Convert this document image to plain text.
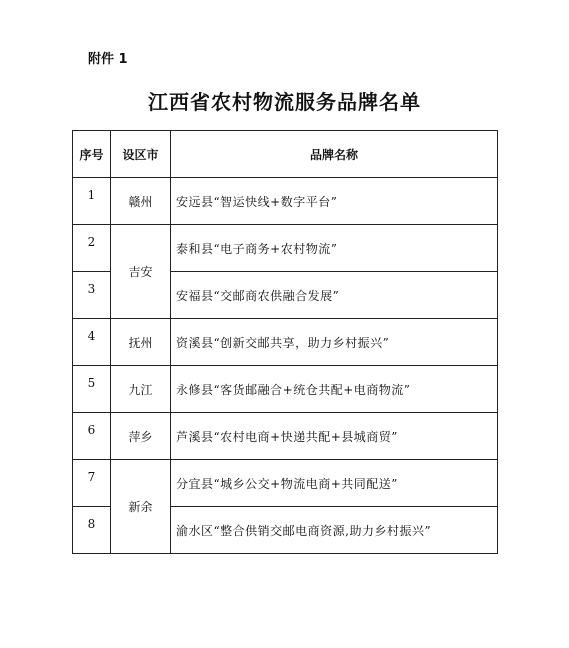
附件 1
江西省农村物流服务品牌名单
序号	设区市	品牌名称
1	赣州	安远县“智运快线+数字平台”
2	吉安	泰和县“电子商务+农村物流”
3		安福县“交邮商农供融合发展”
4	抚州	资溪县“创新交邮共享，助力乡村振兴”
5	九江	永修县“客货邮融合+统仓共配+电商物流”
6	萍乡	芦溪县“农村电商+快递共配+县城商贸”
7	新余	分宜县“城乡公交+物流电商+共同配送”
8		渝水区“整合供销交邮电商资源,助力乡村振兴”
